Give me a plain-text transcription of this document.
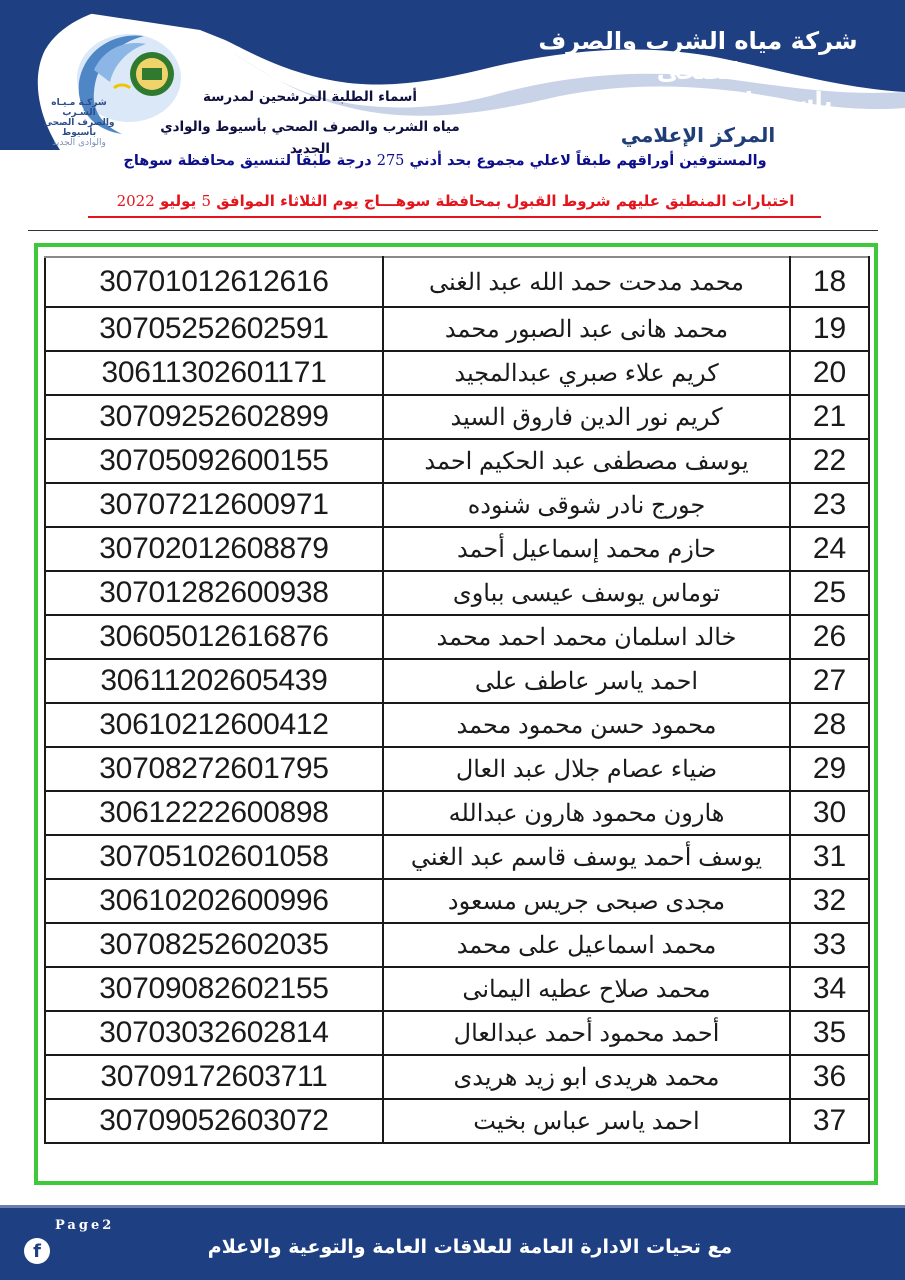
شركـة مـيـاه الشـرب
والصرف الصحى بأسيوط
والوادى الجديد
شركة مياه الشرب والصرف الصحى
بأسيوط والوادى الجديد
المركز الإعلامي
أسماء الطلبة المرشحين لمدرسة
مياه الشرب والصرف الصحي بأسيوط والوادي الجديد
والمستوفين أوراقهم طبقاً لاعلي مجموع بحد أدني 275 درجة طبقاً لتنسيق محافظة سوهاج
اختبارات المنطبق عليهم شروط القبول بمحافظة سوهـــاج يوم الثلاثاء الموافق 5 يوليو 2022
30701012612616	محمد مدحت حمد الله عبد الغنى	18
30705252602591	محمد هانى عبد الصبور محمد	19
30611302601171	كريم علاء صبري عبدالمجيد	20
30709252602899	كريم نور الدين فاروق السيد	21
30705092600155	يوسف مصطفى عبد الحكيم احمد	22
30707212600971	جورج نادر شوقى شنوده	23
30702012608879	حازم محمد إسماعيل أحمد	24
30701282600938	توماس يوسف عيسى بباوى	25
30605012616876	خالد اسلمان محمد احمد محمد	26
30611202605439	احمد ياسر عاطف على	27
30610212600412	محمود حسن محمود محمد	28
30708272601795	ضياء عصام جلال عبد العال	29
30612222600898	هارون محمود هارون عبدالله	30
30705102601058	يوسف أحمد يوسف قاسم عبد الغني	31
30610202600996	مجدى صبحى جريس مسعود	32
30708252602035	محمد اسماعيل على محمد	33
30709082602155	محمد صلاح عطيه اليمانى	34
30703032602814	أحمد محمود أحمد عبدالعال	35
30709172603711	محمد هريدى ابو زيد هريدى	36
30709052603072	احمد ياسر عباس بخيت	37
Page2
f	مع تحيات الادارة العامة للعلاقات العامة والتوعية والاعلام
